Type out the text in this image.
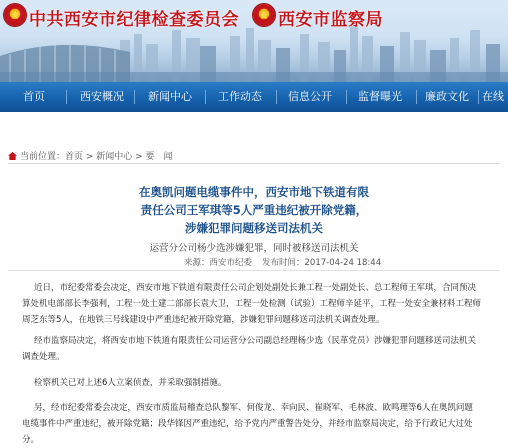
★
中共西安市纪律检查委员会
★ 西安市监察局
首页	西安概况	新闻中心	工作动态	信息公开	监督曝光	廉政文化	在线
当前位置：首页 > 新闻中心 > 要　闻
在奥凯问题电缆事件中，西安市地下铁道有限
责任公司王军琪等5人严重违纪被开除党籍，
涉嫌犯罪问题移送司法机关
运营分公司杨少选涉嫌犯罪，同时被移送司法机关
来源：西安市纪委 发布时间：2017-04-24 18:44
近日，市纪委常委会决定，西安市地下铁道有限责任公司企划处副处长兼工程一处副处长、总工程师王军琪，合同预决
算处机电部部长李强利，工程一处土建二部部长袁大卫，工程一处检测（试验）工程师辛延平，工程一处安全兼材料工程师
周芝东等5人，在地铁三号线建设中严重违纪被开除党籍，涉嫌犯罪问题移送司法机关调查处理。
经市监察局决定，将西安市地下铁道有限责任公司运营分公司副总经理杨少选（民革党员）涉嫌犯罪问题移送司法机关
调查处理。
检察机关已对上述6人立案侦查，并采取强制措施。
另，经市纪委常委会决定，西安市质监局稽查总队黎军、何俊龙、幸向民、崔晓军、毛林波、欧鸣理等6人在奥凯问题
电缆事件中严重违纪，被开除党籍；段华锋因严重违纪，给予党内严重警告处分，并经市监察局决定，给予行政记大过处
分。
